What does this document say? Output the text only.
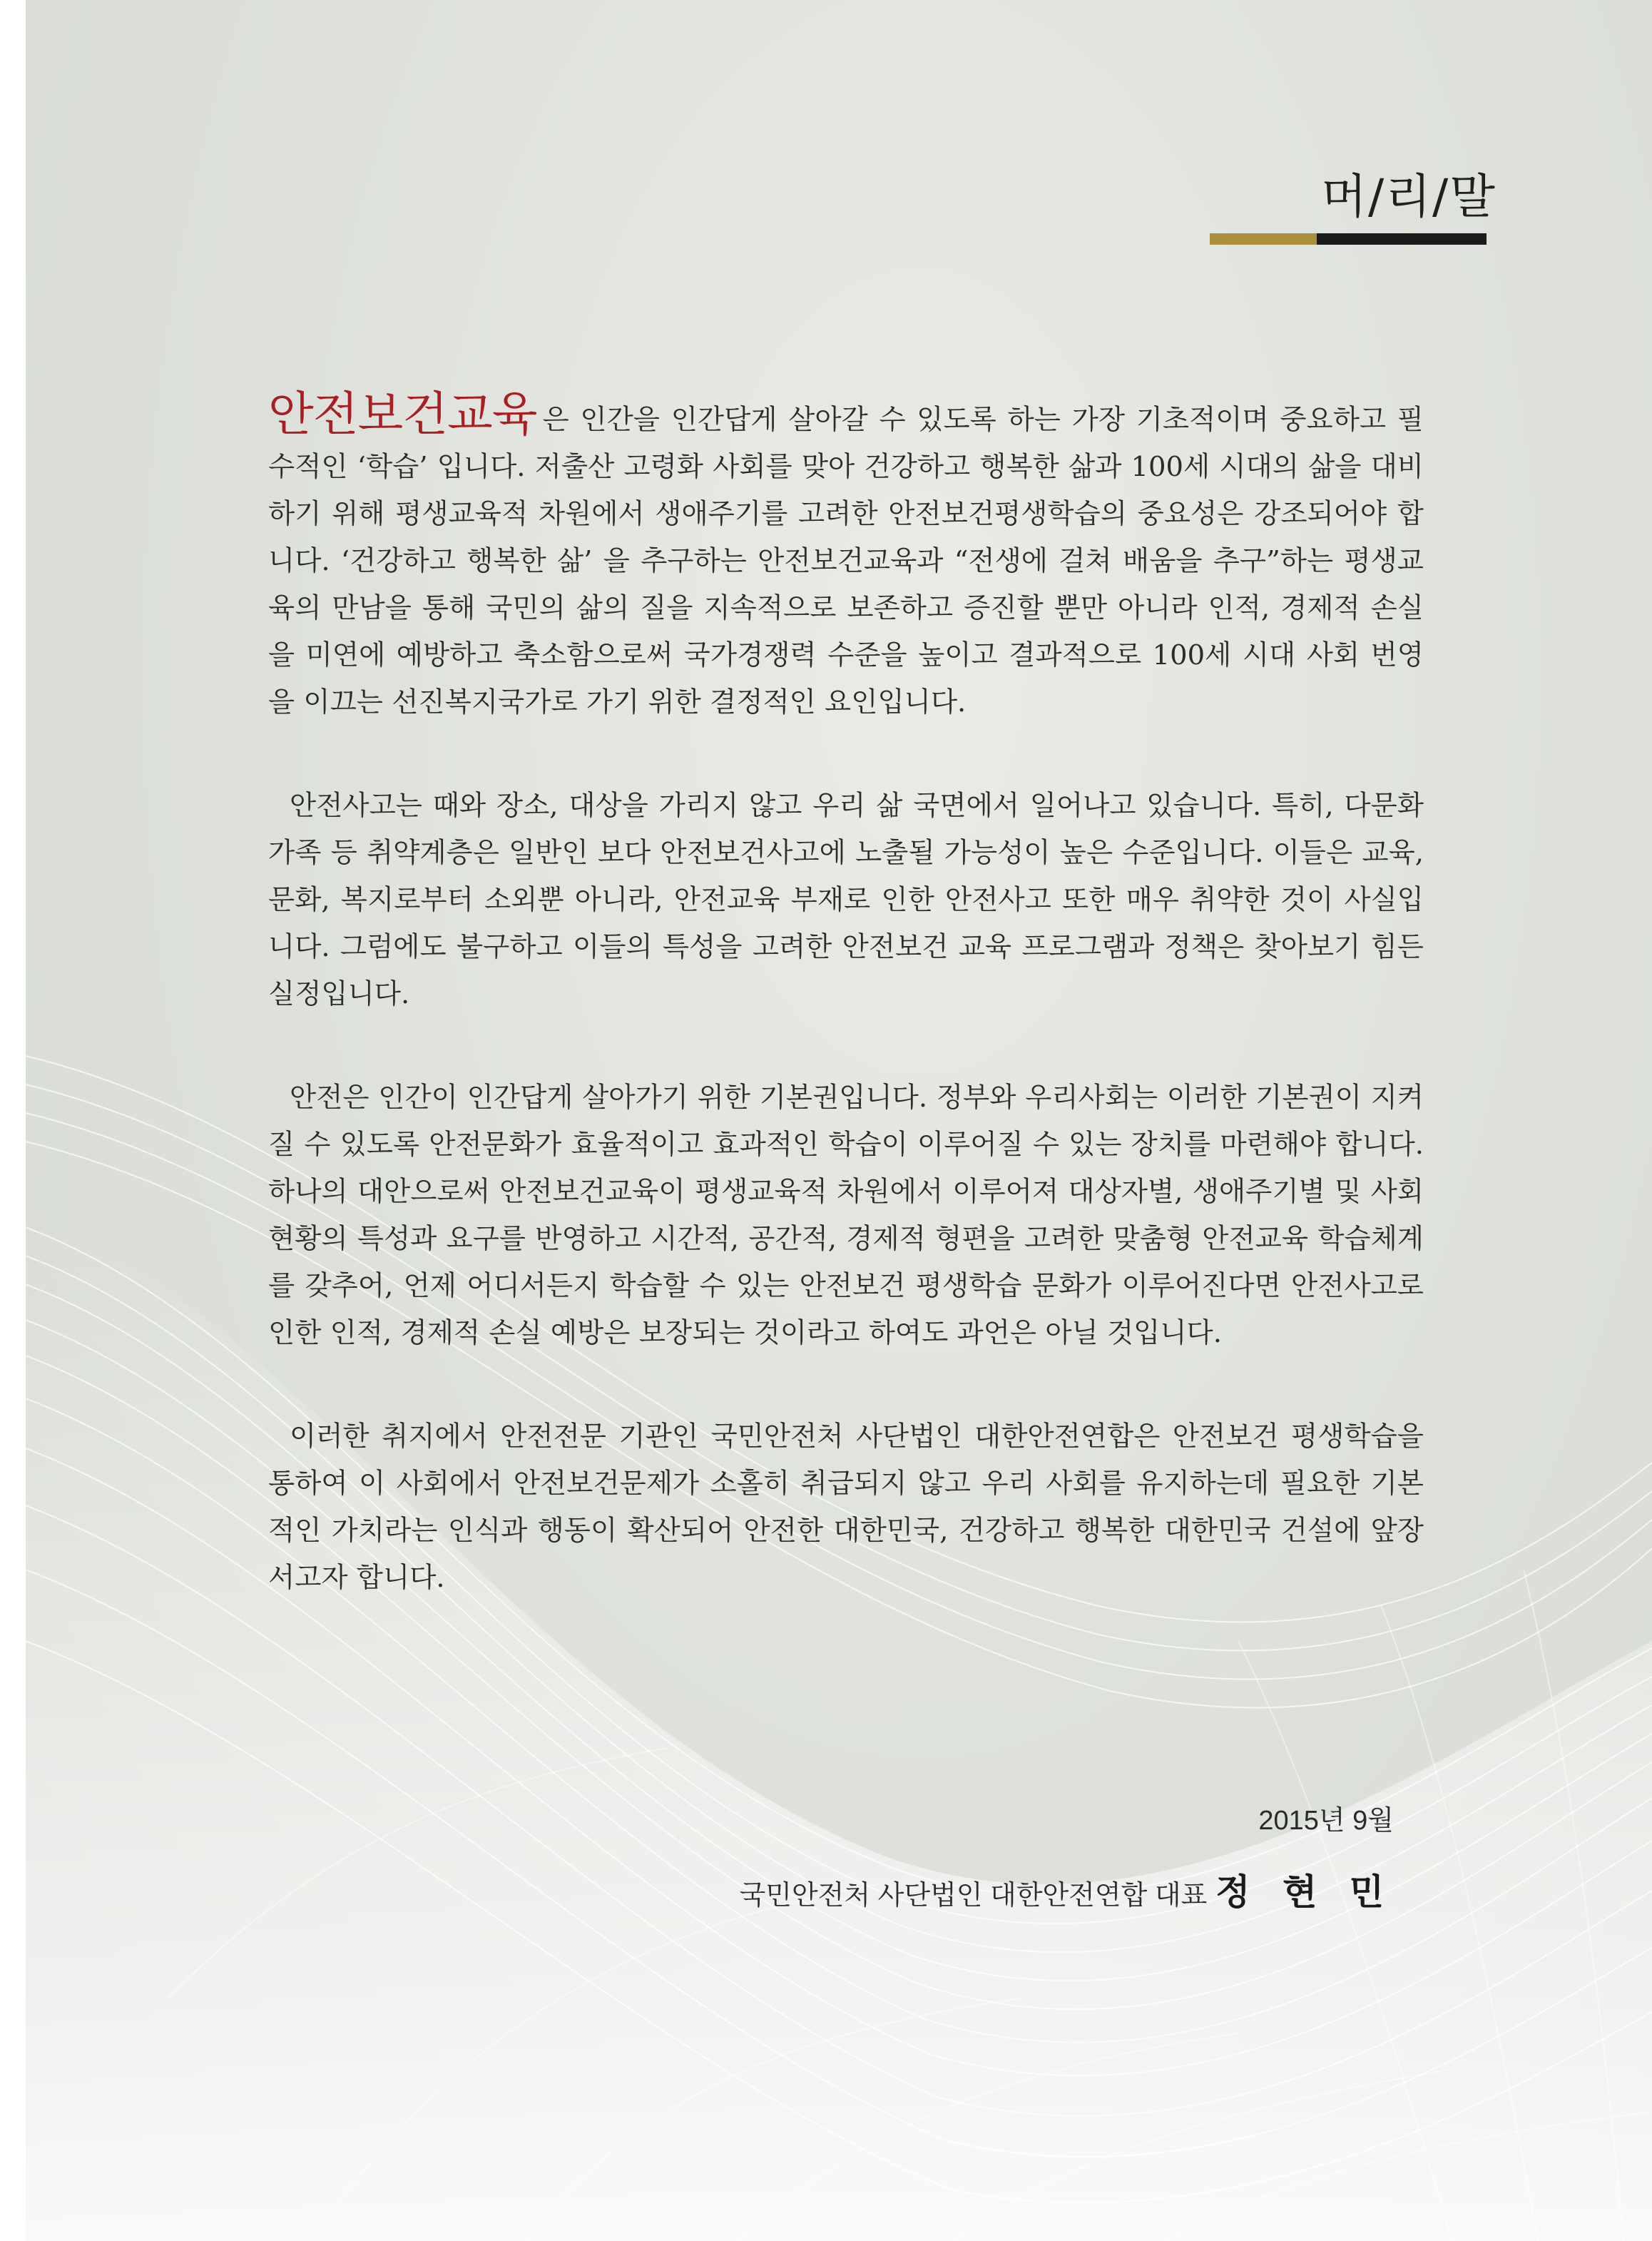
머/리/말

안전보건교육 은 인간을 인간답게 살아갈 수 있도록 하는 가장 기초적이며 중요하고 필수적인 ‘학습’ 입니다. 저출산 고령화 사회를 맞아 건강하고 행복한 삶과 100세 시대의 삶을 대비하기 위해 평생교육적 차원에서 생애주기를 고려한 안전보건평생학습의 중요성은 강조되어야 합니다. ‘건강하고 행복한 삶’ 을 추구하는 안전보건교육과 “전생에 걸쳐 배움을 추구”하는 평생교육의 만남을 통해 국민의 삶의 질을 지속적으로 보존하고 증진할 뿐만 아니라 인적, 경제적 손실을 미연에 예방하고 축소함으로써 국가경쟁력 수준을 높이고 결과적으로 100세 시대 사회 번영을 이끄는 선진복지국가로 가기 위한 결정적인 요인입니다.

안전사고는 때와 장소, 대상을 가리지 않고 우리 삶 국면에서 일어나고 있습니다. 특히, 다문화가족 등 취약계층은 일반인 보다 안전보건사고에 노출될 가능성이 높은 수준입니다. 이들은 교육, 문화, 복지로부터 소외뿐 아니라, 안전교육 부재로 인한 안전사고 또한 매우 취약한 것이 사실입니다. 그럼에도 불구하고 이들의 특성을 고려한 안전보건 교육 프로그램과 정책은 찾아보기 힘든 실정입니다.

안전은 인간이 인간답게 살아가기 위한 기본권입니다. 정부와 우리사회는 이러한 기본권이 지켜질 수 있도록 안전문화가 효율적이고 효과적인 학습이 이루어질 수 있는 장치를 마련해야 합니다. 하나의 대안으로써 안전보건교육이 평생교육적 차원에서 이루어져 대상자별, 생애주기별 및 사회현황의 특성과 요구를 반영하고 시간적, 공간적, 경제적 형편을 고려한 맞춤형 안전교육 학습체계를 갖추어, 언제 어디서든지 학습할 수 있는 안전보건 평생학습 문화가 이루어진다면 안전사고로 인한 인적, 경제적 손실 예방은 보장되는 것이라고 하여도 과언은 아닐 것입니다.

이러한 취지에서 안전전문 기관인 국민안전처 사단법인 대한안전연합은 안전보건 평생학습을 통하여 이 사회에서 안전보건문제가 소홀히 취급되지 않고 우리 사회를 유지하는데 필요한 기본적인 가치라는 인식과 행동이 확산되어 안전한 대한민국, 건강하고 행복한 대한민국 건설에 앞장서고자 합니다.

2015년 9월
국민안전처 사단법인 대한안전연합 대표 정 현 민
